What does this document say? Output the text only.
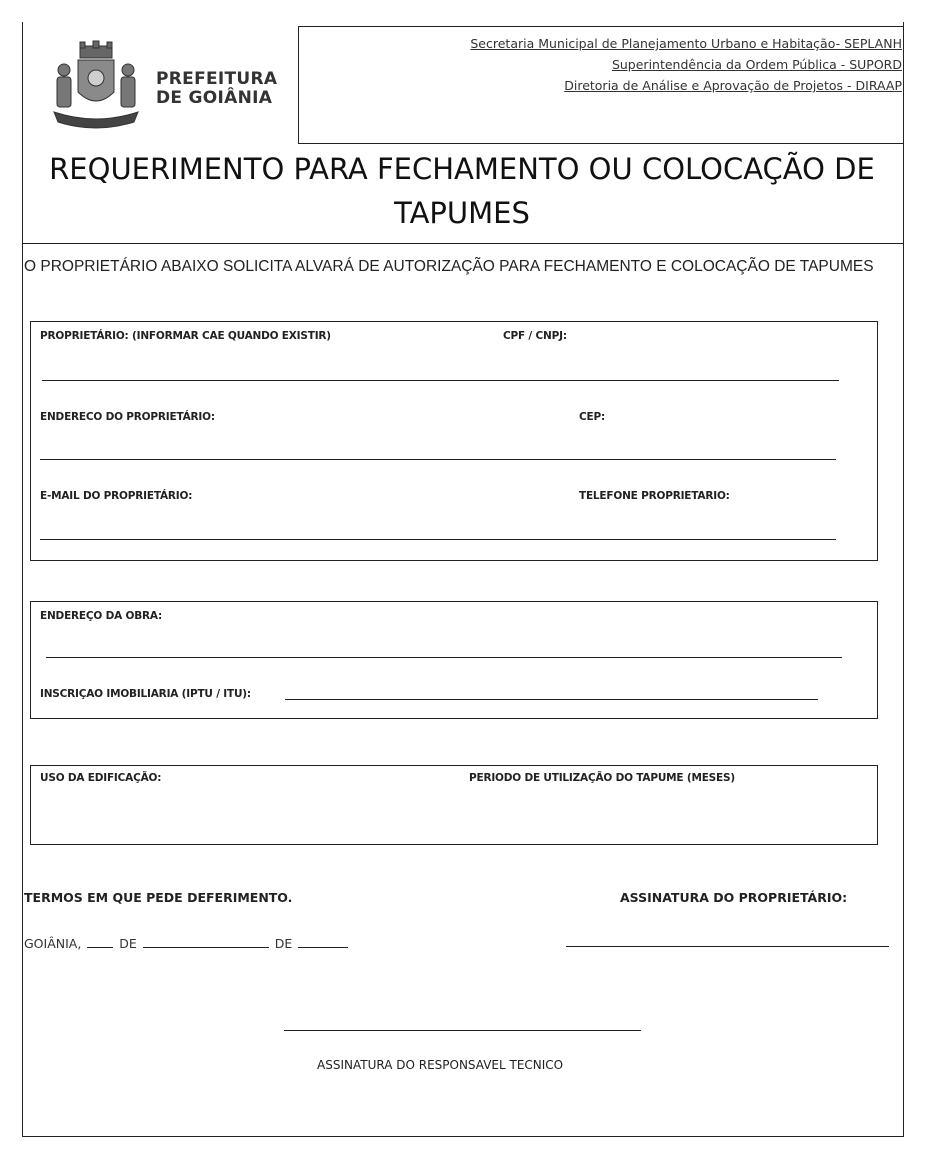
PREFEITURA
DE GOIÂNIA
Secretaria Municipal de Planejamento Urbano e Habitação- SEPLANH
Superintendência da Ordem Pública - SUPORD
Diretoria de Análise e Aprovação de Projetos - DIRAAP
REQUERIMENTO PARA FECHAMENTO OU COLOCAÇÃO DE
TAPUMES
O PROPRIETÁRIO ABAIXO SOLICITA ALVARÁ DE AUTORIZAÇÃO PARA FECHAMENTO E COLOCAÇÃO DE TAPUMES
PROPRIETÁRIO: (INFORMAR CAE QUANDO EXISTIR)	CPF / CNPJ:
ENDERECO DO PROPRIETÁRIO:	CEP:
E-MAIL DO PROPRIETÁRIO:	TELEFONE PROPRIETARIO:
ENDEREÇO DA OBRA:
INSCRIÇAO IMOBILIARIA (IPTU / ITU):
USO DA EDIFICAÇÃO:	PERIODO DE UTILIZAÇÃO DO TAPUME (MESES)
TERMOS EM QUE PEDE DEFERIMENTO.	ASSINATURA DO PROPRIETÁRIO:
GOIÂNIA,	DE	DE
ASSINATURA DO RESPONSAVEL TECNICO
